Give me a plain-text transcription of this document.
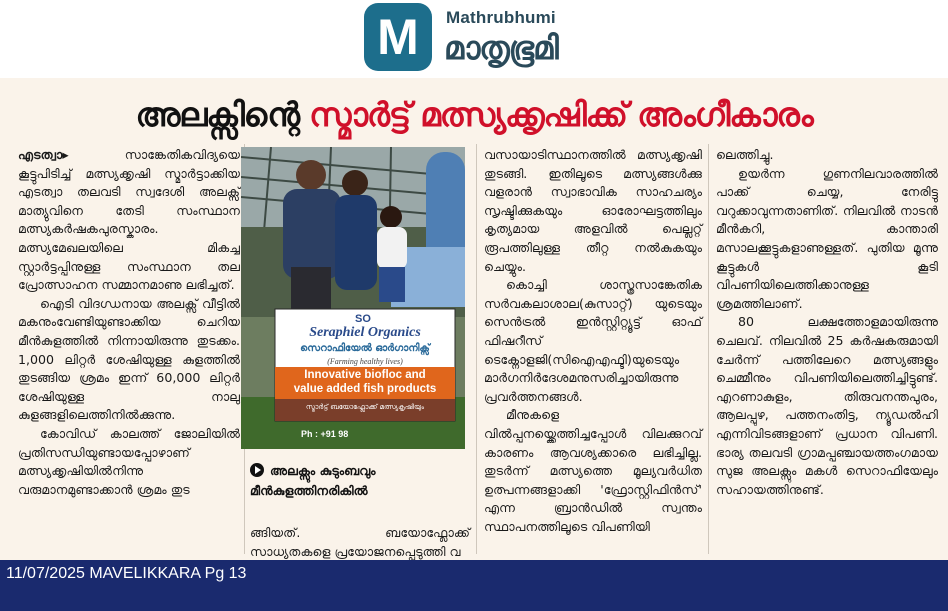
M	Mathrubhumi
മാതൃഭൂമി
അലക്സിന്റെ സ്മാർട്ട് മത്സ്യക്കൃഷിക്ക് അംഗീകാരം

എടത്വാ▸ സാങ്കേതികവിദ്യയെ കൂട്ടുപിടിച്ച് മത്സ്യക്കൃഷി സ്മാർട്ടാക്കിയ എടത്വാ തലവടി സ്വദേശി അലക്സ് മാത്യുവിനെ തേടി സംസ്ഥാന മത്സ്യകർഷകപുരസ്കാരം. മത്സ്യമേഖലയിലെ മികച്ച സ്റ്റാർട്ടപ്പിനുള്ള സംസ്ഥാന തല പ്രോത്സാഹന സമ്മാനമാണു ലഭിച്ചത്.

ഐടി വിദഗ്ധനായ അലക്സ് വീട്ടിൽ മകനുംവേണ്ടിയുണ്ടാക്കിയ ചെറിയ മീൻകുളത്തിൽ നിന്നായിരുന്നു തുടക്കം. 1,000 ലിറ്റർ ശേഷിയുള്ള കുളത്തിൽ തുടങ്ങിയ ശ്രമം ഇന്ന് 60,000 ലിറ്റർ ശേഷിയുള്ള നാലു കുളങ്ങളിലെത്തിനിൽക്കുന്നു.

കോവിഡ് കാലത്ത് ജോലിയിൽ പ്രതിസന്ധിയുണ്ടായപ്പോഴാണ് മത്സ്യക്കൃഷിയിൽനിന്നു വരുമാനമുണ്ടാക്കാൻ ശ്രമം തുട

SO
Seraphiel Organics
സെറാഫിയേൽ ഓർഗാനിക്സ്
(Farming healthy lives)
Innovative biofloc and
value added fish products
സ്മാർട്ട് ബയോഫ്ലോക്ക് മത്സ്യകൃഷിയും
Ph : +91 98
അലക്സും കുടുംബവും
മീൻകുളത്തിനരികിൽ

ങ്ങിയത്. ബയോഫ്ലോക്ക് സാധ്യതകളെ പ്രയോജനപ്പെടുത്തി വ

വസായാടിസ്ഥാനത്തിൽ മത്സ്യക്കൃഷി തുടങ്ങി. ഇതിലൂടെ മത്സ്യങ്ങൾക്കു വളരാൻ സ്വാഭാവിക സാഹചര്യം സൃഷ്ടിക്കുകയും ഓരോഘട്ടത്തിലും കൃത്യമായ അളവിൽ പെല്ലറ്റ് രൂപത്തിലുള്ള തീറ്റ നൽകുകയും ചെയ്യും.

കൊച്ചി ശാസ്ത്രസാങ്കേതിക സർവകലാശാല(കുസാറ്റ്) യുടെയും സെൻട്രൽ ഇൻസ്റ്റിറ്റ്യൂട്ട് ഓഫ് ഫിഷറീസ് ടെക്നോളജി(സിഐഎഫ്ടി)യുടെയും മാർഗനിർദേശമനുസരിച്ചായിരുന്നു പ്രവർത്തനങ്ങൾ.

മീനുകളെ വിൽപ്പനയ്ക്കെത്തിച്ചപ്പോൾ വിലക്കുറവ്‌ കാരണം ആവശ്യക്കാരെ ലഭിച്ചില്ല. തുടർന്ന് മത്സ്യത്തെ മൂല്യവർധിത ഉത്പന്നങ്ങളാക്കി 'ഫ്രോസ്റ്റിഫിൻസ്' എന്ന ബ്രാൻഡിൽ സ്വന്തം സ്ഥാപനത്തിലൂടെ വിപണിയി

ലെത്തിച്ചു.

ഉയർന്ന ഗുണനിലവാരത്തിൽ പാക്ക് ചെയ്യ, നേരിട്ടു വറുക്കാവുന്നതാണിത്. നിലവിൽ നാടൻ മീൻകറി, കാന്താരി മസാലക്കൂട്ടുകളാണുള്ളത്. പുതിയ മൂന്നു കൂട്ടുകൾ കൂടി വിപണിയിലെത്തിക്കാനുള്ള ശ്രമത്തിലാണ്.

80 ലക്ഷത്തോളമായിരുന്നു ചെലവ്. നിലവിൽ 25 കർഷകരുമായി ചേർന്ന് പത്തിലേറെ മത്സ്യങ്ങളും ചെമ്മീനും വിപണിയിലെത്തിച്ചിട്ടുണ്ട്. എറണാകുളം, തിരുവനന്തപുരം, ആലപ്പുഴ, പത്തനംതിട്ട, ന്യൂഡൽഹി എന്നിവിടങ്ങളാണ് പ്രധാന വിപണി. ഭാര്യ തലവടി ഗ്രാമപ്പഞ്ചായത്തംഗമായ സുജ അലക്സും മകൾ സെറാഫിയേലും സഹായത്തിനുണ്ട്.

11/07/2025 MAVELIKKARA Pg 13
